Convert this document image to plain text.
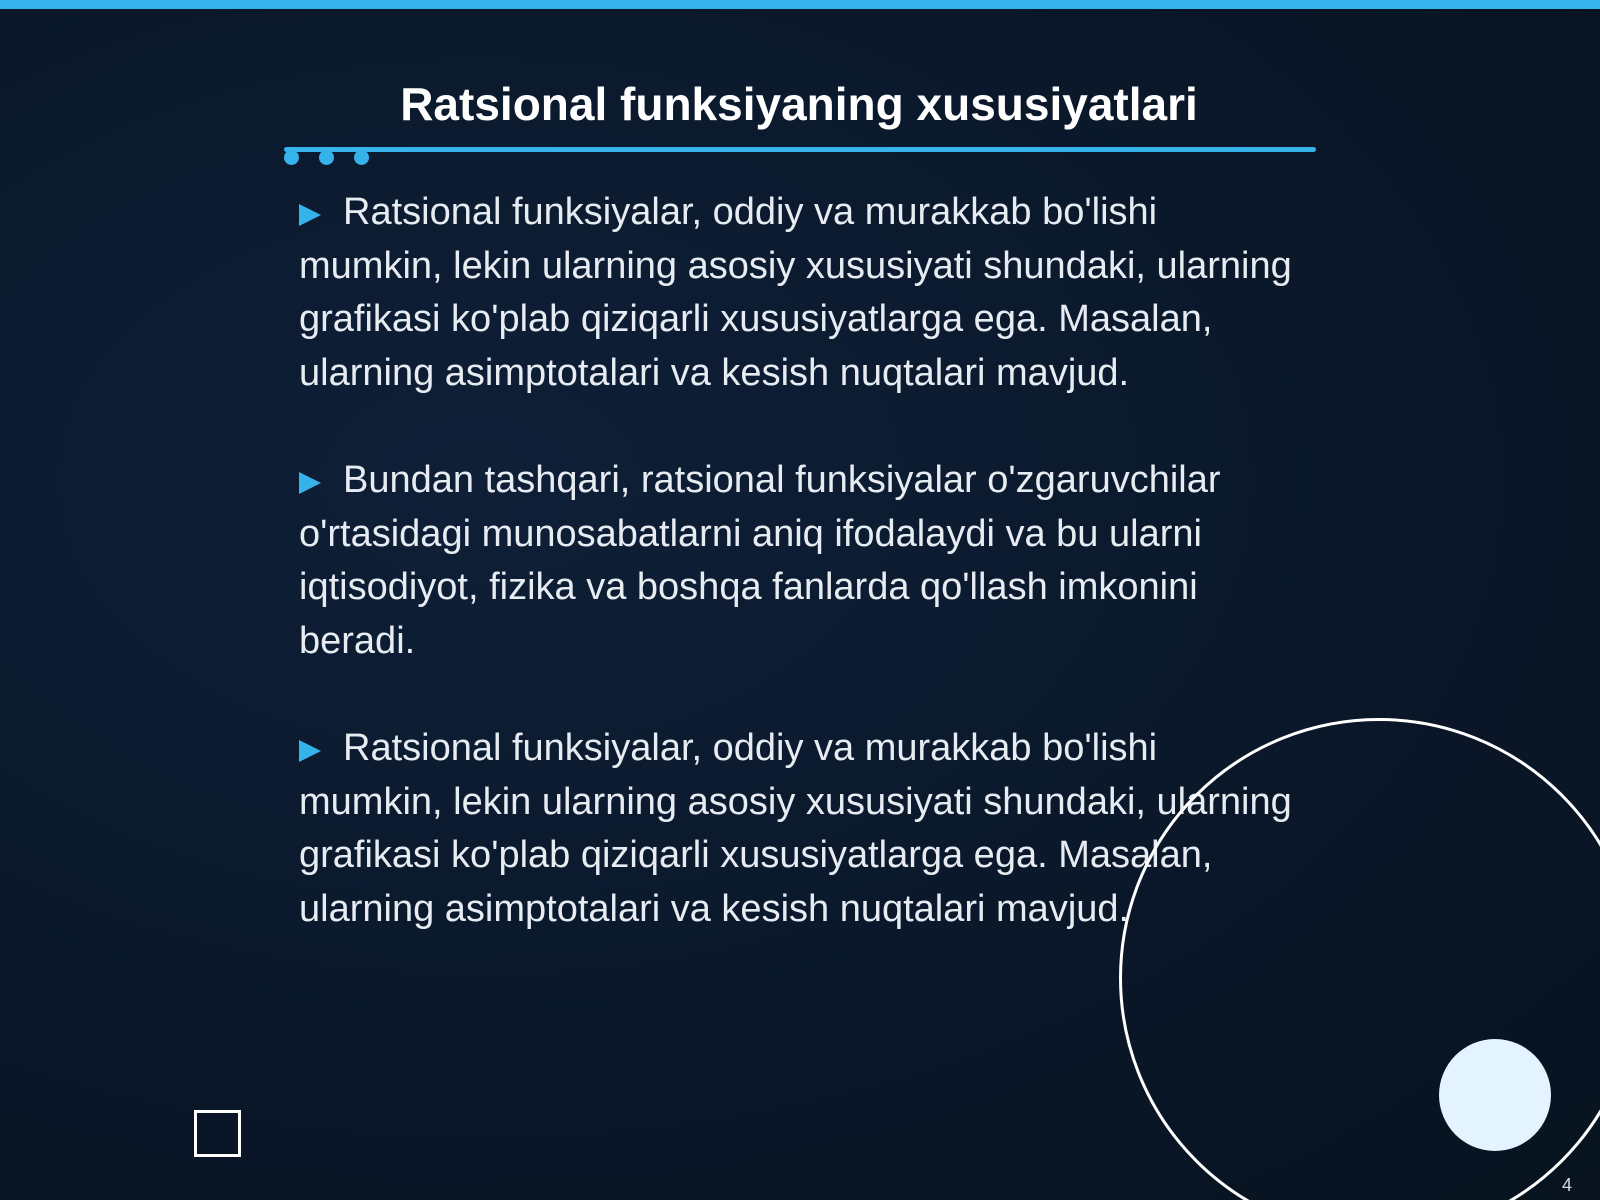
Ratsional funksiyaning xususiyatlari

Ratsional funksiyalar, oddiy va murakkab bo'lishi mumkin, lekin ularning asosiy xususiyati shundaki, ularning grafikasi ko'plab qiziqarli xususiyatlarga ega. Masalan, ularning asimptotalari va kesish nuqtalari mavjud.

Bundan tashqari, ratsional funksiyalar o'zgaruvchilar o'rtasidagi munosabatlarni aniq ifodalaydi va bu ularni iqtisodiyot, fizika va boshqa fanlarda qo'llash imkonini beradi.

Ratsional funksiyalar, oddiy va murakkab bo'lishi mumkin, lekin ularning asosiy xususiyati shundaki, ularning grafikasi ko'plab qiziqarli xususiyatlarga ega. Masalan, ularning asimptotalari va kesish nuqtalari mavjud.

4
